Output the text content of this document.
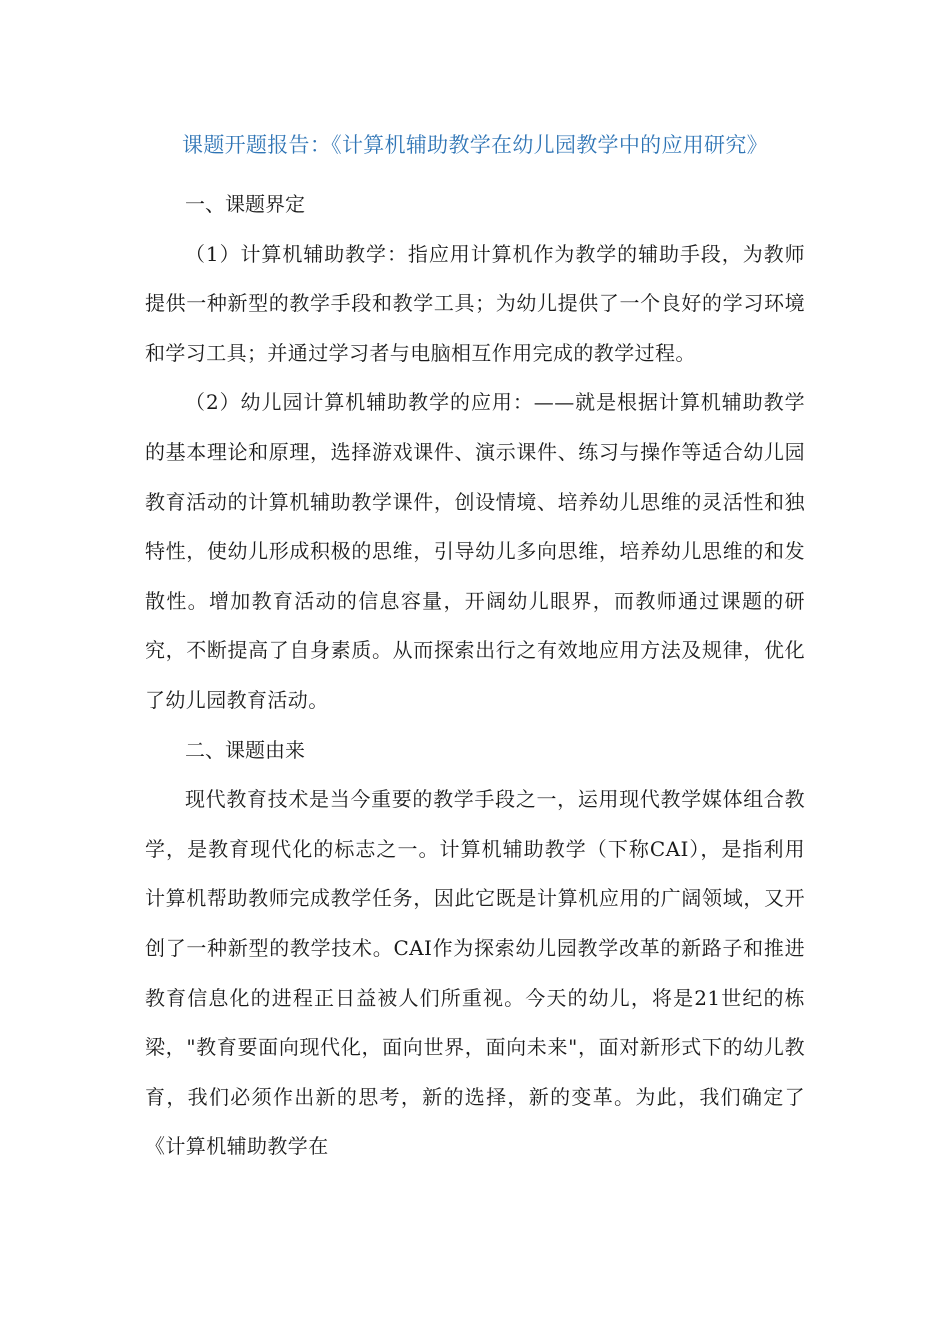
课题开题报告：《计算机辅助教学在幼儿园教学中的应用研究》

一、课题界定

（1）计算机辅助教学：指应用计算机作为教学的辅助手段，为教师提供一种新型的教学手段和教学工具；为幼儿提供了一个良好的学习环境和学习工具；并通过学习者与电脑相互作用完成的教学过程。

（2）幼儿园计算机辅助教学的应用：——就是根据计算机辅助教学的基本理论和原理，选择游戏课件、演示课件、练习与操作等适合幼儿园教育活动的计算机辅助教学课件，创设情境、培养幼儿思维的灵活性和独特性，使幼儿形成积极的思维，引导幼儿多向思维，培养幼儿思维的和发散性。增加教育活动的信息容量，开阔幼儿眼界，而教师通过课题的研究，不断提高了自身素质。从而探索出行之有效地应用方法及规律，优化了幼儿园教育活动。

二、课题由来

现代教育技术是当今重要的教学手段之一，运用现代教学媒体组合教学，是教育现代化的标志之一。计算机辅助教学（下称CAI），是指利用计算机帮助教师完成教学任务，因此它既是计算机应用的广阔领域，又开创了一种新型的教学技术。CAI作为探索幼儿园教学改革的新路子和推进教育信息化的进程正日益被人们所重视。今天的幼儿，将是21世纪的栋梁，"教育要面向现代化，面向世界，面向未来"，面对新形式下的幼儿教育，我们必须作出新的思考，新的选择，新的变革。为此，我们确定了《计算机辅助教学在
